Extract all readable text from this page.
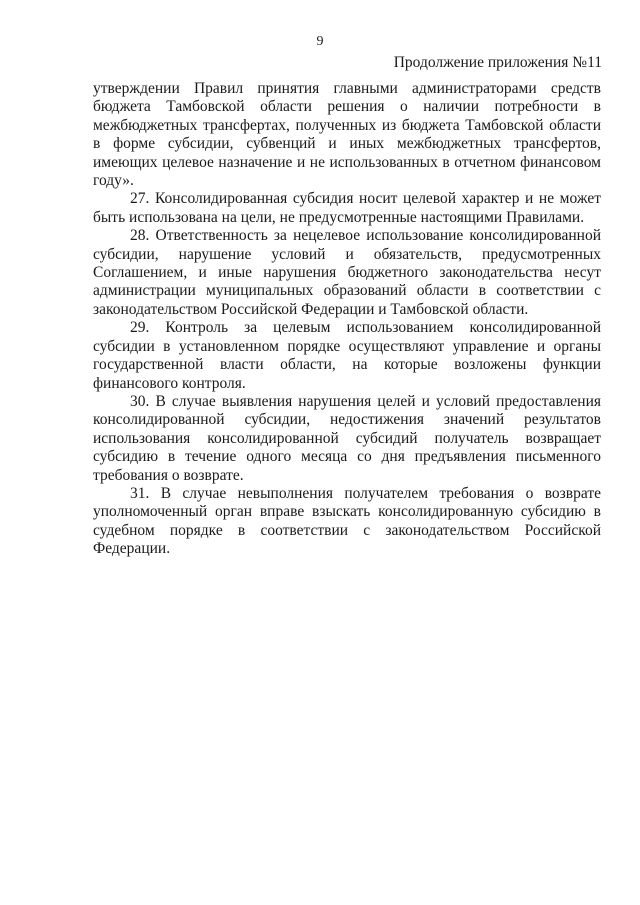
9
Продолжение приложения №11

утверждении Правил принятия главными администраторами средств бюджета Тамбовской области решения о наличии потребности в межбюджетных трансфертах, полученных из бюджета Тамбовской области в форме субсидии, субвенций и иных межбюджетных трансфертов, имеющих целевое назначение и не использованных в отчетном финансовом году».

27. Консолидированная субсидия носит целевой характер и не может быть использована на цели, не предусмотренные настоящими Правилами.

28. Ответственность за нецелевое использование консолидированной субсидии, нарушение условий и обязательств, предусмотренных Соглашением, и иные нарушения бюджетного законодательства несут администрации муниципальных образований области в соответствии с законодательством Российской Федерации и Тамбовской области.

29. Контроль за целевым использованием консолидированной субсидии в установленном порядке осуществляют управление и органы государственной власти области, на которые возложены функции финансового контроля.

30. В случае выявления нарушения целей и условий предоставления консолидированной субсидии, недостижения значений результатов использования консолидированной субсидий получатель возвращает субсидию в течение одного месяца со дня предъявления письменного требования о возврате.

31. В случае невыполнения получателем требования о возврате уполномоченный орган вправе взыскать консолидированную субсидию в судебном порядке в соответствии с законодательством Российской Федерации.
